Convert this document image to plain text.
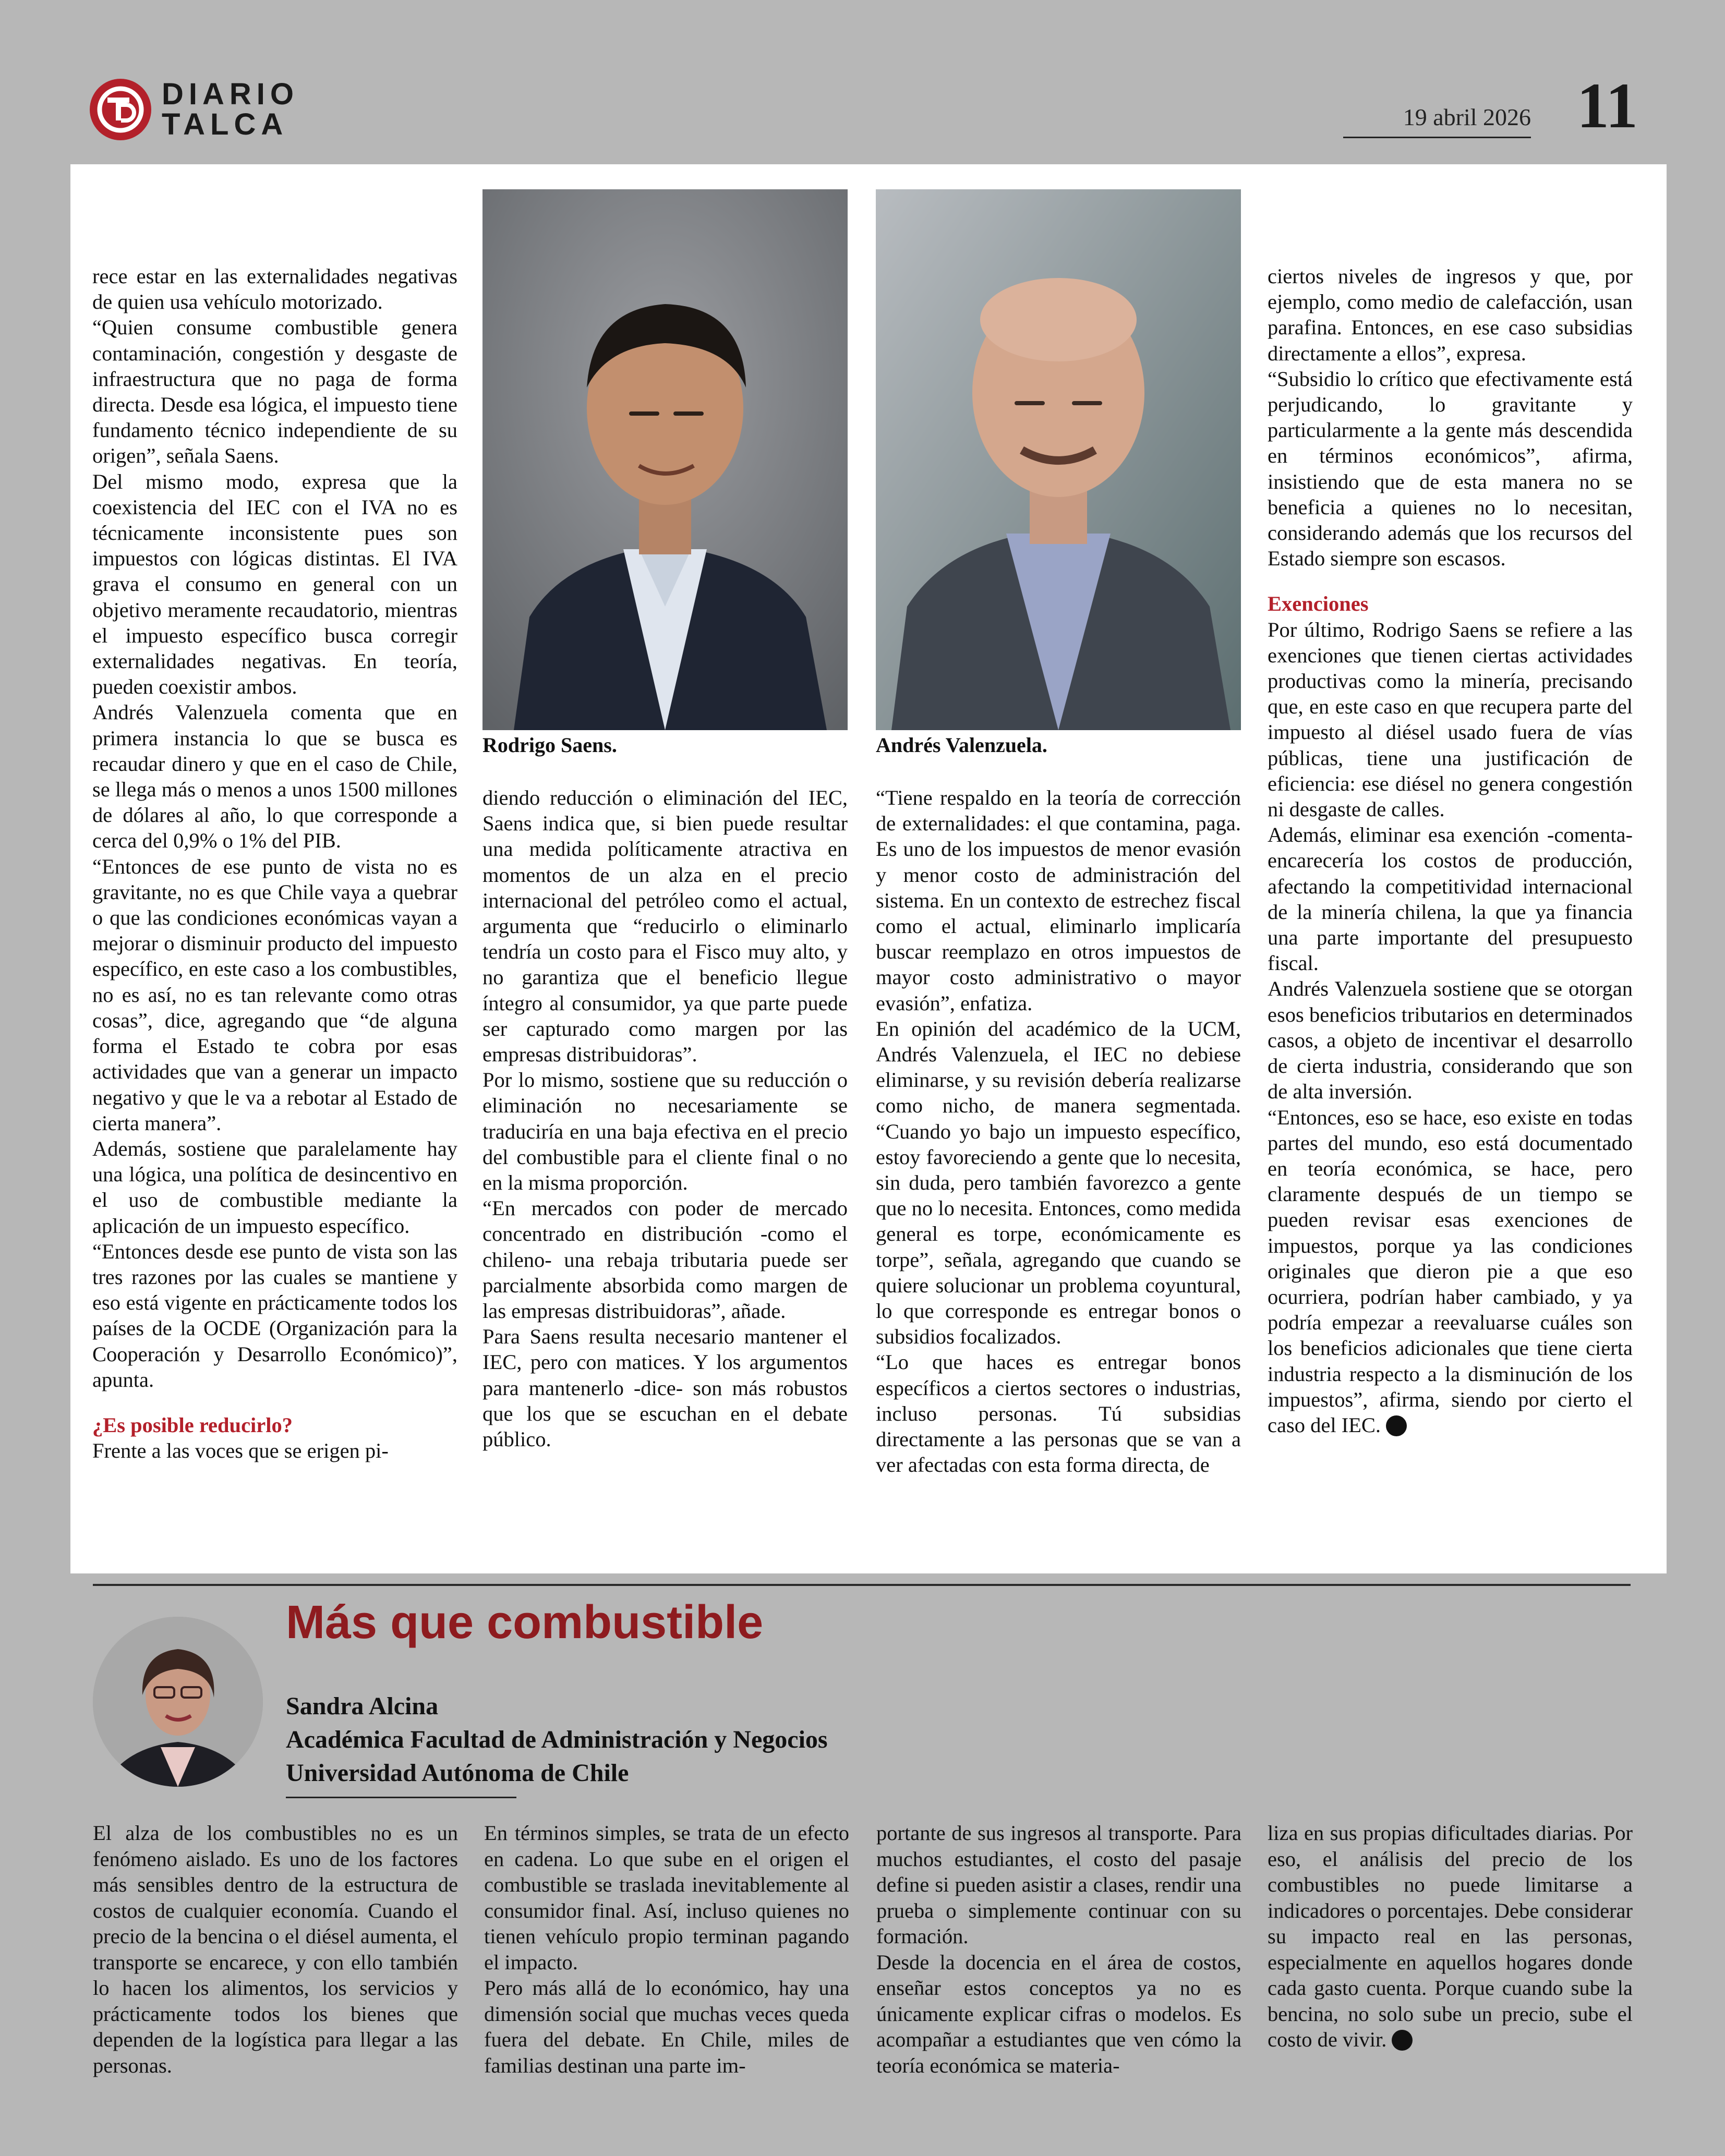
DIARIO
TALCA	19 abril 2026 11

rece estar en las externalidades negativas de quien usa vehículo motorizado.

“Quien consume combustible genera contaminación, congestión y desgaste de infraestructura que no paga de forma directa. Desde esa lógica, el impuesto tiene fundamento técnico independiente de su origen”, señala Saens.

Del mismo modo, expresa que la coexistencia del IEC con el IVA no es técnicamente inconsistente pues son impuestos con lógicas distintas. El IVA grava el consumo en general con un objetivo meramente recaudatorio, mientras el impuesto específico busca corregir externalidades negativas. En teoría, pueden coexistir ambos.

Andrés Valenzuela comenta que en primera instancia lo que se busca es recaudar dinero y que en el caso de Chile, se llega más o menos a unos 1500 millones de dólares al año, lo que corresponde a cerca del 0,9% o 1% del PIB.

“Entonces de ese punto de vista no es gravitante, no es que Chile vaya a quebrar o que las condiciones económicas vayan a mejorar o disminuir producto del impuesto específico, en este caso a los combustibles, no es así, no es tan relevante como otras cosas”, dice, agregando que “de alguna forma el Estado te cobra por esas actividades que van a generar un impacto negativo y que le va a rebotar al Estado de cierta manera”.

Además, sostiene que paralelamente hay una lógica, una política de desincentivo en el uso de combustible mediante la aplicación de un impuesto específico.

“Entonces desde ese punto de vista son las tres razones por las cuales se mantiene y eso está vigente en prácticamente todos los países de la OCDE (Organización para la Cooperación y Desarrollo Económico)”, apunta.

¿Es posible reducirlo?

Frente a las voces que se erigen pi-

Rodrigo Saens.

diendo reducción o eliminación del IEC, Saens indica que, si bien puede resultar una medida políticamente atractiva en momentos de un alza en el precio internacional del petróleo como el actual, argumenta que “reducirlo o eliminarlo tendría un costo para el Fisco muy alto, y no garantiza que el beneficio llegue íntegro al consumidor, ya que parte puede ser capturado como margen por las empresas distribuidoras”.

Por lo mismo, sostiene que su reducción o eliminación no necesariamente se traduciría en una baja efectiva en el precio del combustible para el cliente final o no en la misma proporción.

“En mercados con poder de mercado concentrado en distribución -como el chileno- una rebaja tributaria puede ser parcialmente absorbida como margen de las empresas distribuidoras”, añade.

Para Saens resulta necesario mantener el IEC, pero con matices. Y los argumentos para mantenerlo -dice- son más robustos que los que se escuchan en el debate público.

Andrés Valenzuela.

“Tiene respaldo en la teoría de corrección de externalidades: el que contamina, paga. Es uno de los impuestos de menor evasión y menor costo de administración del sistema. En un contexto de estrechez fiscal como el actual, eliminarlo implicaría buscar reemplazo en otros impuestos de mayor costo administrativo o mayor evasión”, enfatiza.

En opinión del académico de la UCM, Andrés Valenzuela, el IEC no debiese eliminarse, y su revisión debería realizarse como nicho, de manera segmentada. “Cuando yo bajo un impuesto específico, estoy favoreciendo a gente que lo necesita, sin duda, pero también favorezco a gente que no lo necesita. Entonces, como medida general es torpe, económicamente es torpe”, señala, agregando que cuando se quiere solucionar un problema coyuntural, lo que corresponde es entregar bonos o subsidios focalizados.

“Lo que haces es entregar bonos específicos a ciertos sectores o industrias, incluso personas. Tú subsidias directamente a las personas que se van a ver afectadas con esta forma directa, de

ciertos niveles de ingresos y que, por ejemplo, como medio de calefacción, usan parafina. Entonces, en ese caso subsidias directamente a ellos”, expresa.

“Subsidio lo crítico que efectivamente está perjudicando, lo gravitante y particularmente a la gente más descendida en términos económicos”, afirma, insistiendo que de esta manera no se beneficia a quienes no lo necesitan, considerando además que los recursos del Estado siempre son escasos.

Exenciones

Por último, Rodrigo Saens se refiere a las exenciones que tienen ciertas actividades productivas como la minería, precisando que, en este caso en que recupera parte del impuesto al diésel usado fuera de vías públicas, tiene una justificación de eficiencia: ese diésel no genera congestión ni desgaste de calles.

Además, eliminar esa exención -comenta- encarecería los costos de producción, afectando la competitividad internacional de la minería chilena, la que ya financia una parte importante del presupuesto fiscal.

Andrés Valenzuela sostiene que se otorgan esos beneficios tributarios en determinados casos, a objeto de incentivar el desarrollo de cierta industria, considerando que son de alta inversión.

“Entonces, eso se hace, eso existe en todas partes del mundo, eso está documentado en teoría económica, se hace, pero claramente después de un tiempo se pueden revisar esas exenciones de impuestos, porque ya las condiciones originales que dieron pie a que eso ocurriera, podrían haber cambiado, y ya podría empezar a reevaluarse cuáles son los beneficios adicionales que tiene cierta industria respecto a la disminución de los impuestos”, afirma, siendo por cierto el caso del IEC.

Más que combustible
Sandra Alcina
Académica Facultad de Administración y Negocios
Universidad Autónoma de Chile

El alza de los combustibles no es un fenómeno aislado. Es uno de los factores más sensibles dentro de la estructura de costos de cualquier economía. Cuando el precio de la bencina o el diésel aumenta, el transporte se encarece, y con ello también lo hacen los alimentos, los servicios y prácticamente todos los bienes que dependen de la logística para llegar a las personas.

En términos simples, se trata de un efecto en cadena. Lo que sube en el origen el combustible se traslada inevitablemente al consumidor final. Así, incluso quienes no tienen vehículo propio terminan pagando el impacto.

Pero más allá de lo económico, hay una dimensión social que muchas veces queda fuera del debate. En Chile, miles de familias destinan una parte im-

portante de sus ingresos al transporte. Para muchos estudiantes, el costo del pasaje define si pueden asistir a clases, rendir una prueba o simplemente continuar con su formación.

Desde la docencia en el área de costos, enseñar estos conceptos ya no es únicamente explicar cifras o modelos. Es acompañar a estudiantes que ven cómo la teoría económica se materia-

liza en sus propias dificultades diarias. Por eso, el análisis del precio de los combustibles no puede limitarse a indicadores o porcentajes. Debe considerar su impacto real en las personas, especialmente en aquellos hogares donde cada gasto cuenta. Porque cuando sube la bencina, no solo sube un precio, sube el costo de vivir.
